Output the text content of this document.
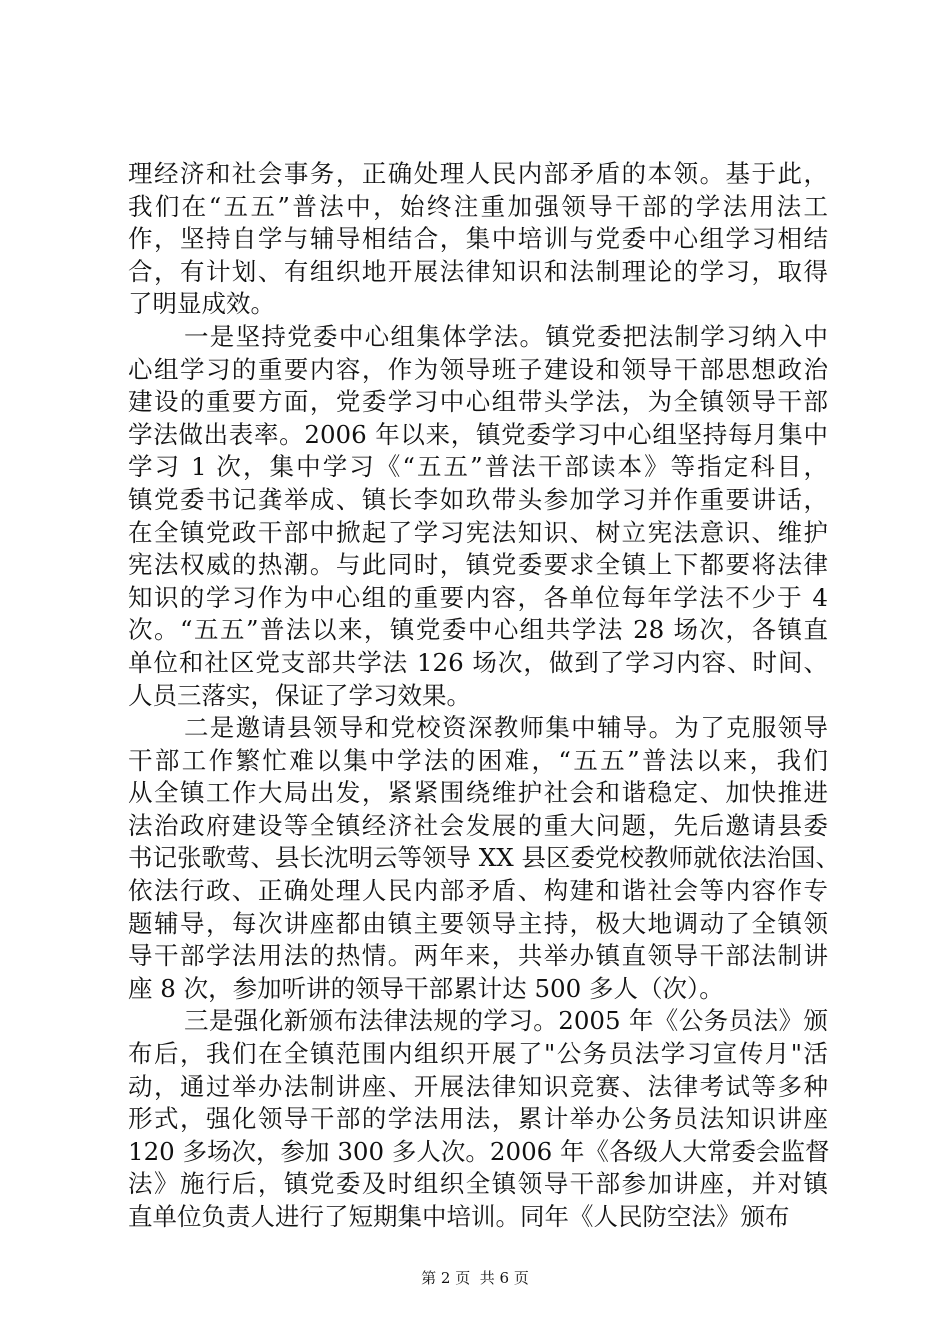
理经济和社会事务，正确处理人民内部矛盾的本领。基于此，
我们在“五五”普法中，始终注重加强领导干部的学法用法工
作，坚持自学与辅导相结合，集中培训与党委中心组学习相结
合，有计划、有组织地开展法律知识和法制理论的学习，取得
了明显成效。
一是坚持党委中心组集体学法。镇党委把法制学习纳入中
心组学习的重要内容，作为领导班子建设和领导干部思想政治
建设的重要方面，党委学习中心组带头学法，为全镇领导干部
学法做出表率。2006 年以来，镇党委学习中心组坚持每月集中
学习 1 次，集中学习《“五五”普法干部读本》等指定科目，
镇党委书记龚举成、镇长李如玖带头参加学习并作重要讲话，
在全镇党政干部中掀起了学习宪法知识、树立宪法意识、维护
宪法权威的热潮。与此同时，镇党委要求全镇上下都要将法律
知识的学习作为中心组的重要内容，各单位每年学法不少于 4
次。“五五”普法以来，镇党委中心组共学法 28 场次，各镇直
单位和社区党支部共学法 126 场次，做到了学习内容、时间、
人员三落实，保证了学习效果。
二是邀请县领导和党校资深教师集中辅导。为了克服领导
干部工作繁忙难以集中学法的困难，“五五”普法以来，我们
从全镇工作大局出发，紧紧围绕维护社会和谐稳定、加快推进
法治政府建设等全镇经济社会发展的重大问题，先后邀请县委
书记张歌莺、县长沈明云等领导 XX 县区委党校教师就依法治国、
依法行政、正确处理人民内部矛盾、构建和谐社会等内容作专
题辅导，每次讲座都由镇主要领导主持，极大地调动了全镇领
导干部学法用法的热情。两年来，共举办镇直领导干部法制讲
座 8 次，参加听讲的领导干部累计达 500 多人（次）。
三是强化新颁布法律法规的学习。2005 年《公务员法》颁
布后，我们在全镇范围内组织开展了"公务员法学习宣传月"活
动，通过举办法制讲座、开展法律知识竞赛、法律考试等多种
形式，强化领导干部的学法用法，累计举办公务员法知识讲座
120 多场次，参加 300 多人次。2006 年《各级人大常委会监督
法》施行后，镇党委及时组织全镇领导干部参加讲座，并对镇
直单位负责人进行了短期集中培训。同年《人民防空法》颁布
第 2 页  共 6 页
